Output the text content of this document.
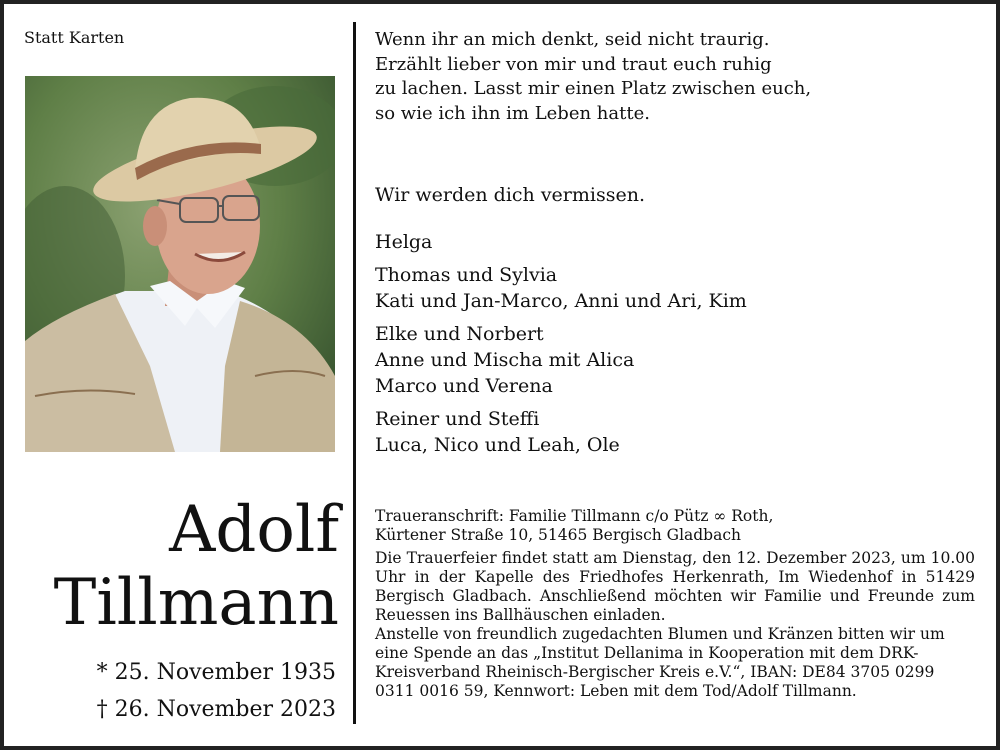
Statt Karten
Adolf
Tillmann
* 25. November 1935
† 26. November 2023
Wenn ihr an mich denkt, seid nicht traurig.
Erzählt lieber von mir und traut euch ruhig
zu lachen. Lasst mir einen Platz zwischen euch,
so wie ich ihn im Leben hatte.
Wir werden dich vermissen.
Helga
Thomas und Sylvia
Kati und Jan-Marco, Anni und Ari, Kim
Elke und Norbert
Anne und Mischa mit Alica
Marco und Verena
Reiner und Steffi
Luca, Nico und Leah, Ole
Traueranschrift: Familie Tillmann c/o Pütz ∞ Roth,
Kürtener Straße 10, 51465 Bergisch Gladbach
Die Trauerfeier findet statt am Dienstag, den 12. Dezember 2023, um 10.00 Uhr in der Kapelle des Friedhofes Herkenrath, Im Wiedenhof in 51429 Bergisch Gladbach. Anschließend möchten wir Familie und Freunde zum Reuessen ins Ballhäuschen einladen.
Anstelle von freundlich zugedachten Blumen und Kränzen bitten wir um eine Spende an das „Institut Dellanima in Kooperation mit dem DRK-Kreisverband Rheinisch-Bergischer Kreis e.V.“, IBAN: DE84 3705 0299 0311 0016 59, Kennwort: Leben mit dem Tod/Adolf Tillmann.
